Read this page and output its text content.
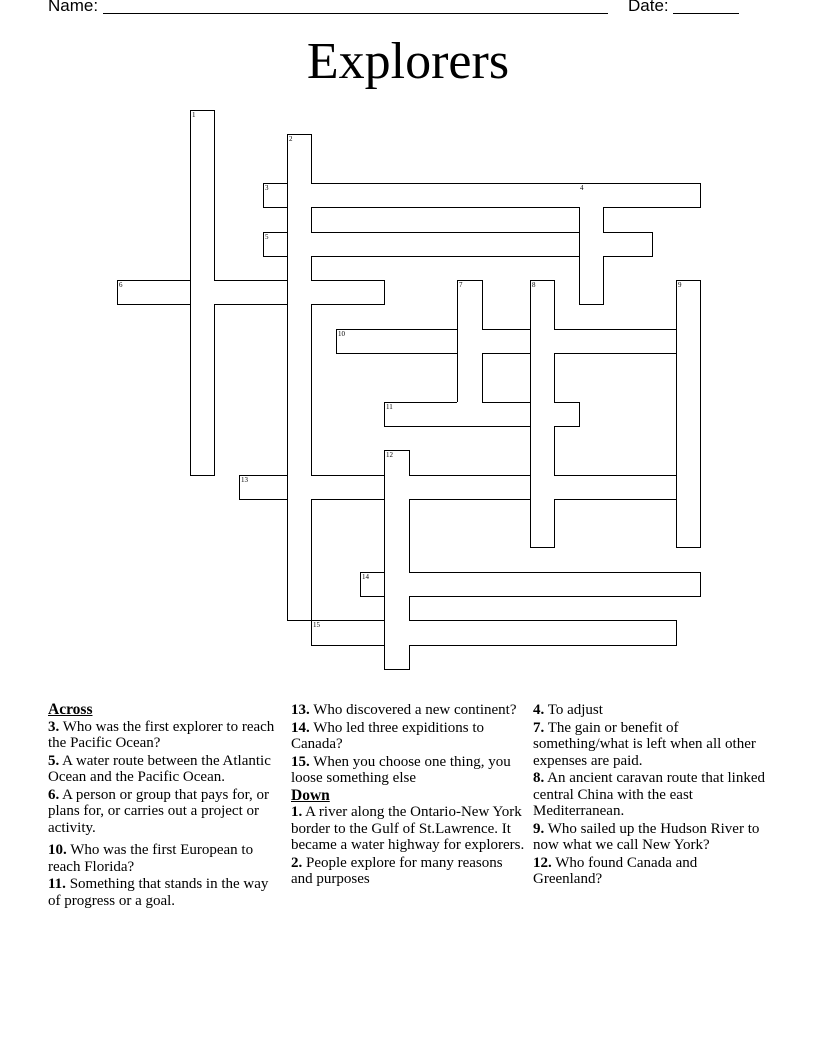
Name:	Date:
Explorers
1
2
3	4
5
6	7	8	9
10
11
12
13
14
15
Across
3. Who was the first explorer to reach the Pacific Ocean?
5. A water route between the Atlantic Ocean and the Pacific Ocean.
6. A person or group that pays for, or plans for, or carries out a project or activity.
10. Who was the first European to reach Florida?
11. Something that stands in the way of progress or a goal.
13. Who discovered a new continent?
14. Who led three expiditions to Canada?
15. When you choose one thing, you loose something else
Down
1. A river along the Ontario-New York border to the Gulf of St.Lawrence. It became a water highway for explorers.
2. People explore for many reasons and purposes
4. To adjust
7. The gain or benefit of something/what is left when all other expenses are paid.
8. An ancient caravan route that linked central China with the east Mediterranean.
9. Who sailed up the Hudson River to now what we call New York?
12. Who found Canada and Greenland?
